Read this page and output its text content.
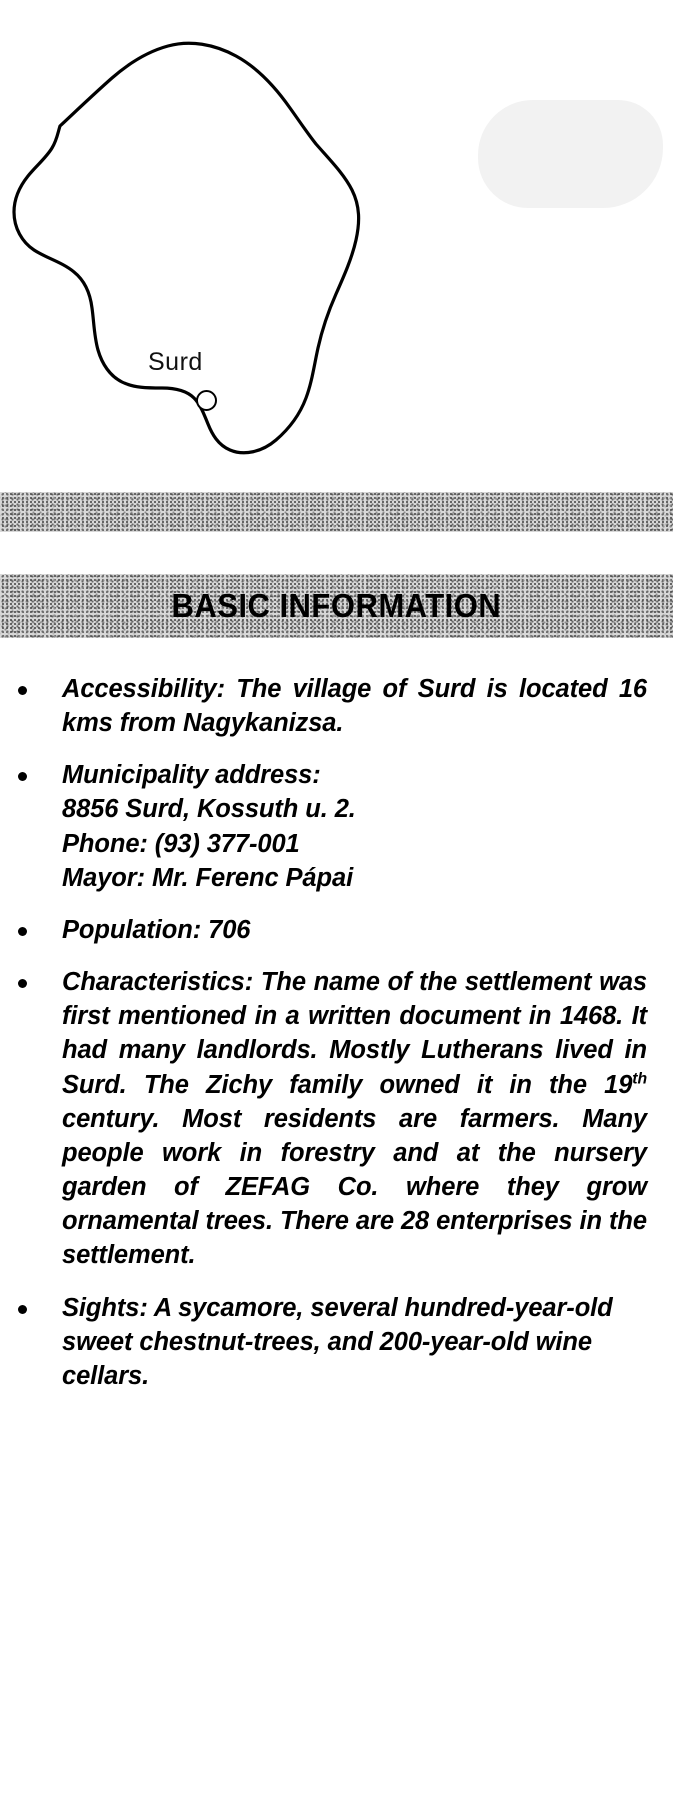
Surd
BASIC INFORMATION
Accessibility: The village of Surd is located 16 kms from Nagykanizsa.
Municipality address:
8856 Surd, Kossuth u. 2.
Phone: (93) 377-001
Mayor: Mr. Ferenc Pápai
Population: 706
Characteristics: The name of the settlement was first mentioned in a written document in 1468. It had many landlords. Mostly Lutherans lived in Surd. The Zichy family owned it in the 19th century. Most residents are farmers. Many people work in forestry and at the nursery garden of ZEFAG Co. where they grow ornamental trees. There are 28 enterprises in the settlement.
Sights: A sycamore, several hundred-year-old sweet chestnut-trees, and 200-year-old wine cellars.
